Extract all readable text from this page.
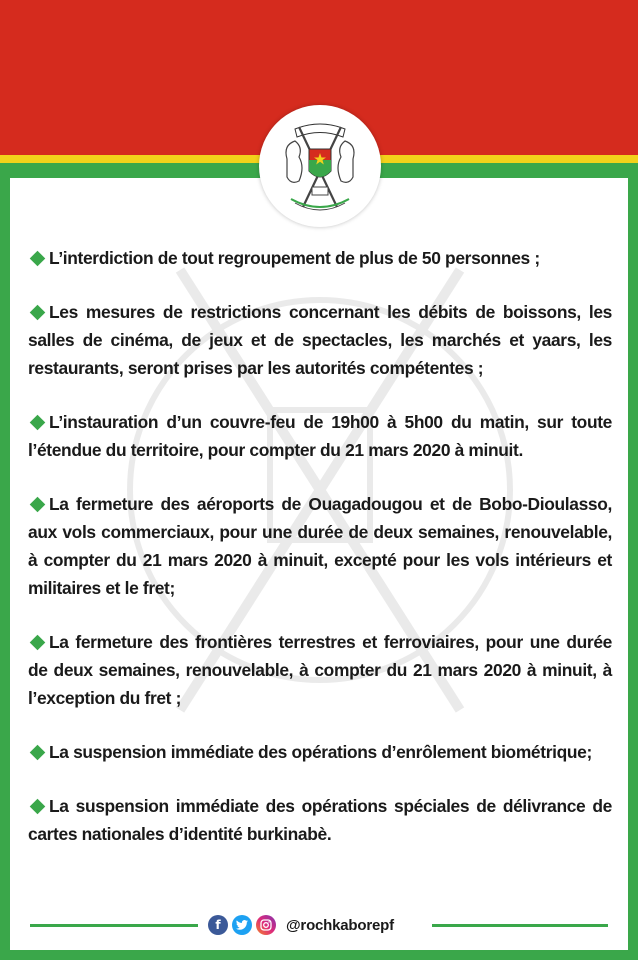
L’interdiction de tout regroupement de plus de 50 personnes ;

Les mesures de restrictions concernant les débits de boissons, les salles de cinéma, de jeux et de spectacles, les marchés et yaars, les restaurants, seront prises par les autorités compétentes ;

L’instauration d’un couvre-feu de 19h00 à 5h00 du matin, sur toute l’étendue du territoire, pour compter du 21 mars 2020 à minuit.

La fermeture des aéroports de Ouagadougou et de Bobo-Dioulasso, aux vols commerciaux, pour une durée de deux semaines, renouvelable, à compter du 21 mars 2020 à minuit, excepté pour les vols intérieurs et militaires et le fret;

La fermeture des frontières terrestres et ferroviaires, pour une durée de deux semaines, renouvelable, à compter du 21 mars 2020 à minuit, à l’exception du fret ;

La suspension immédiate des opérations d’enrôlement biométrique;

La suspension immédiate des opérations spéciales de délivrance de cartes nationales d’identité burkinabè.

f	@rochkaborepf
